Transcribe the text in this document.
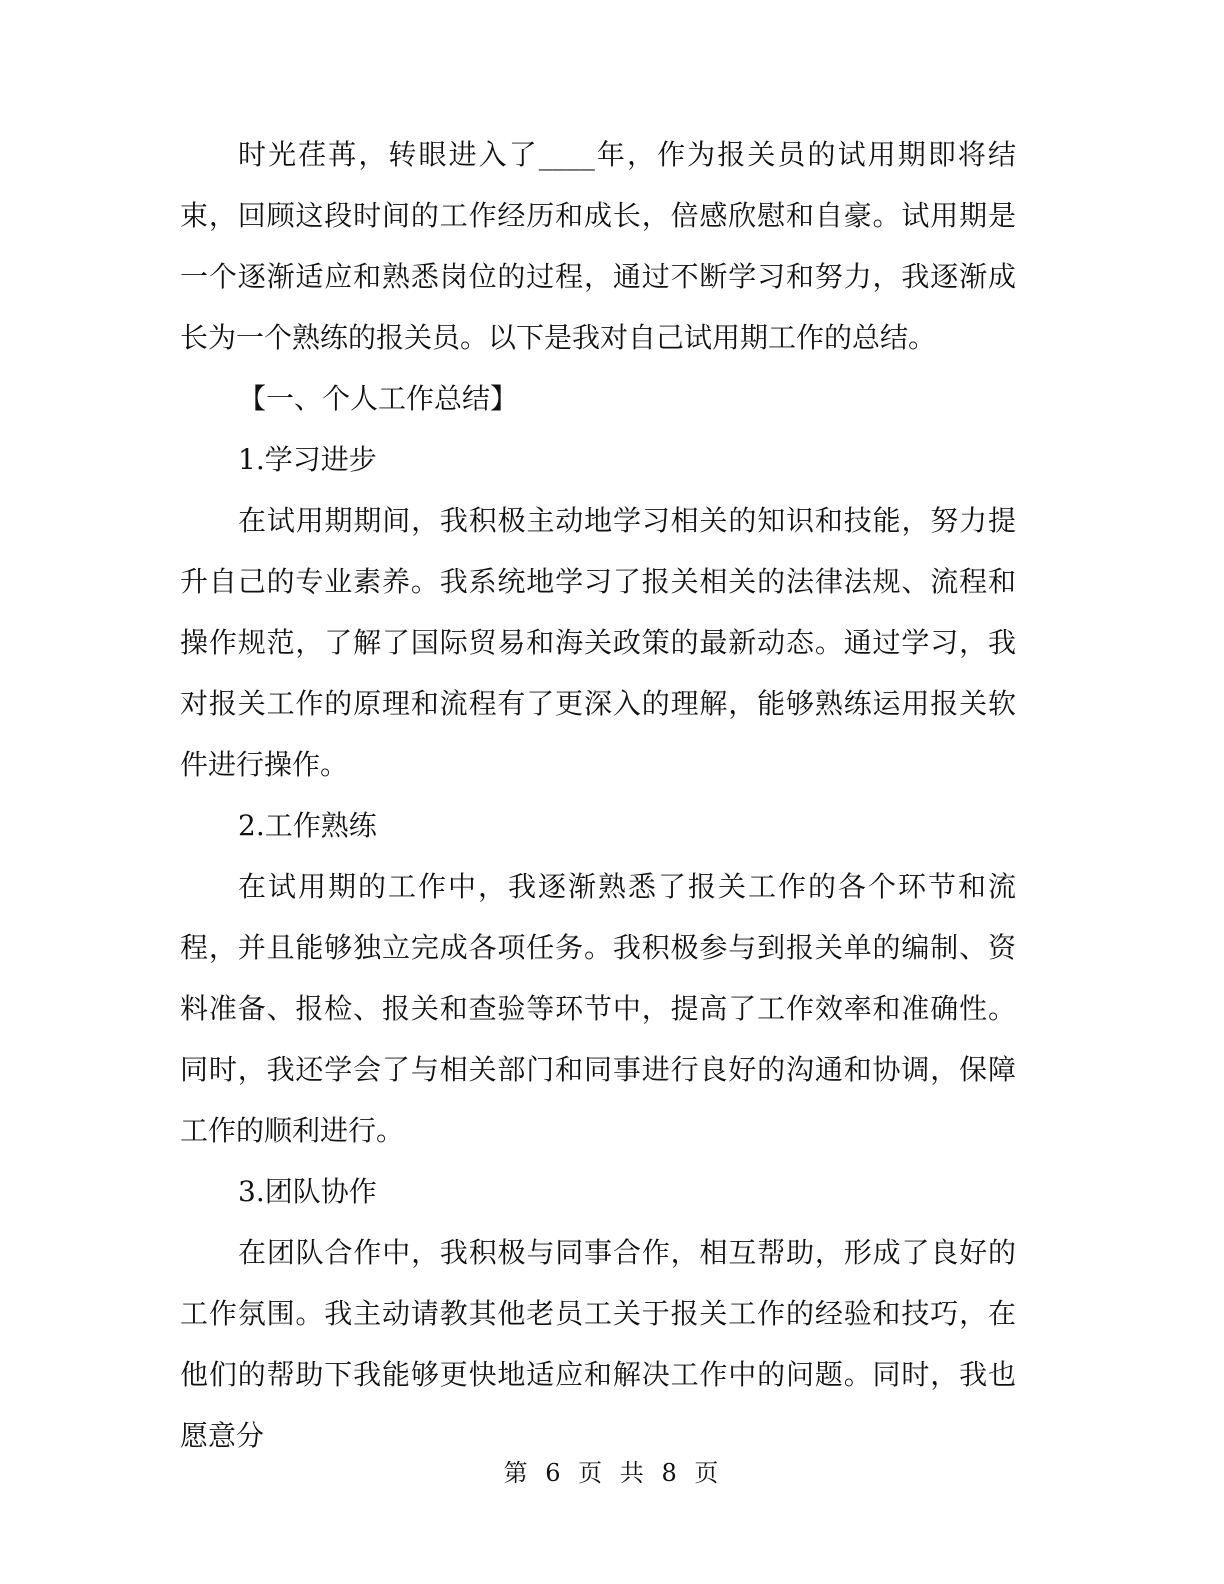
时光荏苒，转眼进入了____年，作为报关员的试用期即将结束，回顾这段时间的工作经历和成长，倍感欣慰和自豪。试用期是一个逐渐适应和熟悉岗位的过程，通过不断学习和努力，我逐渐成长为一个熟练的报关员。以下是我对自己试用期工作的总结。

【一、个人工作总结】

1.学习进步

在试用期期间，我积极主动地学习相关的知识和技能，努力提升自己的专业素养。我系统地学习了报关相关的法律法规、流程和操作规范，了解了国际贸易和海关政策的最新动态。通过学习，我对报关工作的原理和流程有了更深入的理解，能够熟练运用报关软件进行操作。

2.工作熟练

在试用期的工作中，我逐渐熟悉了报关工作的各个环节和流程，并且能够独立完成各项任务。我积极参与到报关单的编制、资料准备、报检、报关和查验等环节中，提高了工作效率和准确性。同时，我还学会了与相关部门和同事进行良好的沟通和协调，保障工作的顺利进行。

3.团队协作

在团队合作中，我积极与同事合作，相互帮助，形成了良好的工作氛围。我主动请教其他老员工关于报关工作的经验和技巧，在他们的帮助下我能够更快地适应和解决工作中的问题。同时，我也愿意分

第 6 页 共 8 页
